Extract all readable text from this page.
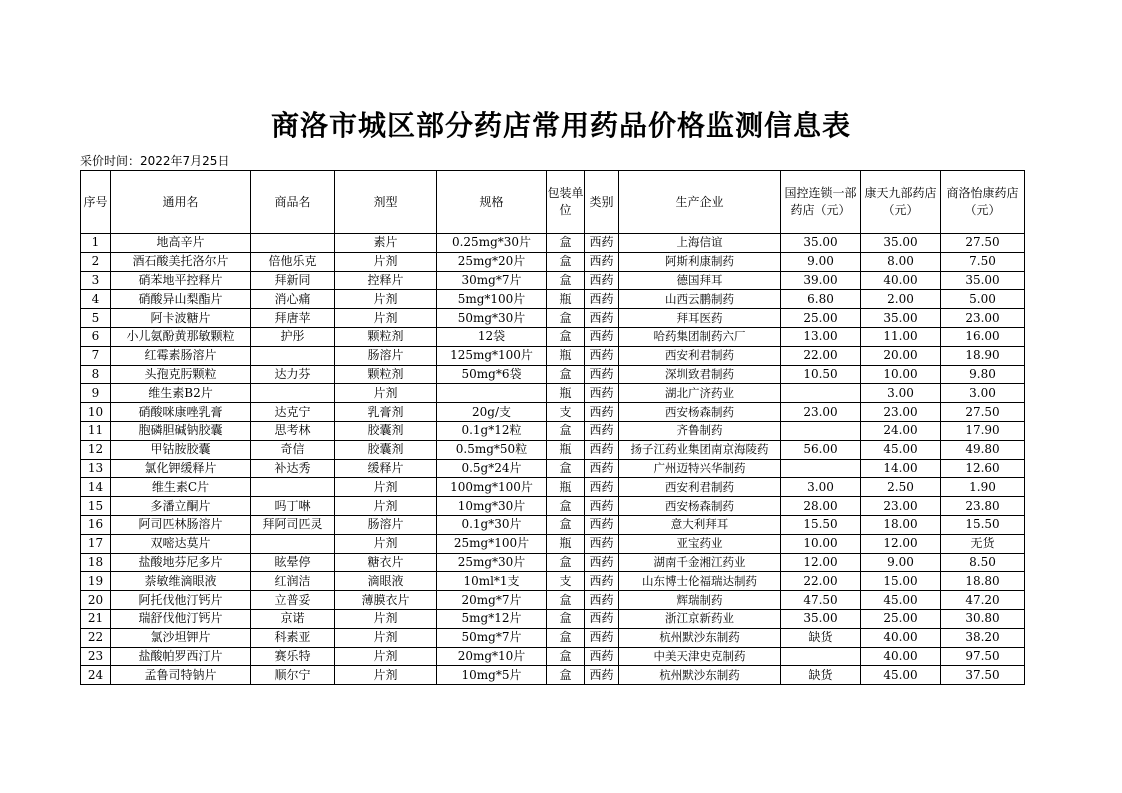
商洛市城区部分药店常用药品价格监测信息表
采价时间：2022年7月25日
序号	通用名	商品名	剂型	规格	包装单位	类别	生产企业	国控连锁一部药店（元）	康天九部药店（元）	商洛怡康药店（元）
1	地高辛片		素片	0.25mg*30片	盒	西药	上海信谊	35.00	35.00	27.50
2	酒石酸美托洛尔片	倍他乐克	片剂	25mg*20片	盒	西药	阿斯利康制药	9.00	8.00	7.50
3	硝苯地平控释片	拜新同	控释片	30mg*7片	盒	西药	德国拜耳	39.00	40.00	35.00
4	硝酸异山梨酯片	消心痛	片剂	5mg*100片	瓶	西药	山西云鹏制药	6.80	2.00	5.00
5	阿卡波糖片	拜唐苹	片剂	50mg*30片	盒	西药	拜耳医药	25.00	35.00	23.00
6	小儿氨酚黄那敏颗粒	护彤	颗粒剂	12袋	盒	西药	哈药集团制药六厂	13.00	11.00	16.00
7	红霉素肠溶片		肠溶片	125mg*100片	瓶	西药	西安利君制药	22.00	20.00	18.90
8	头孢克肟颗粒	达力芬	颗粒剂	50mg*6袋	盒	西药	深圳致君制药	10.50	10.00	9.80
9	维生素B2片		片剂		瓶	西药	湖北广济药业		3.00	3.00
10	硝酸咪康唑乳膏	达克宁	乳膏剂	20g/支	支	西药	西安杨森制药	23.00	23.00	27.50
11	胞磷胆碱钠胶囊	思考林	胶囊剂	0.1g*12粒	盒	西药	齐鲁制药		24.00	17.90
12	甲钴胺胶囊	奇信	胶囊剂	0.5mg*50粒	瓶	西药	扬子江药业集团南京海陵药	56.00	45.00	49.80
13	氯化钾缓释片	补达秀	缓释片	0.5g*24片	盒	西药	广州迈特兴华制药		14.00	12.60
14	维生素C片		片剂	100mg*100片	瓶	西药	西安利君制药	3.00	2.50	1.90
15	多潘立酮片	吗丁啉	片剂	10mg*30片	盒	西药	西安杨森制药	28.00	23.00	23.80
16	阿司匹林肠溶片	拜阿司匹灵	肠溶片	0.1g*30片	盒	西药	意大利拜耳	15.50	18.00	15.50
17	双嘧达莫片		片剂	25mg*100片	瓶	西药	亚宝药业	10.00	12.00	无货
18	盐酸地芬尼多片	眩晕停	糖衣片	25mg*30片	盒	西药	湖南千金湘江药业	12.00	9.00	8.50
19	萘敏维滴眼液	红润洁	滴眼液	10ml*1支	支	西药	山东博士伦福瑞达制药	22.00	15.00	18.80
20	阿托伐他汀钙片	立普妥	薄膜衣片	20mg*7片	盒	西药	辉瑞制药	47.50	45.00	47.20
21	瑞舒伐他汀钙片	京诺	片剂	5mg*12片	盒	西药	浙江京新药业	35.00	25.00	30.80
22	氯沙坦钾片	科素亚	片剂	50mg*7片	盒	西药	杭州默沙东制药	缺货	40.00	38.20
23	盐酸帕罗西汀片	赛乐特	片剂	20mg*10片	盒	西药	中美天津史克制药		40.00	97.50
24	孟鲁司特钠片	顺尔宁	片剂	10mg*5片	盒	西药	杭州默沙东制药	缺货	45.00	37.50
